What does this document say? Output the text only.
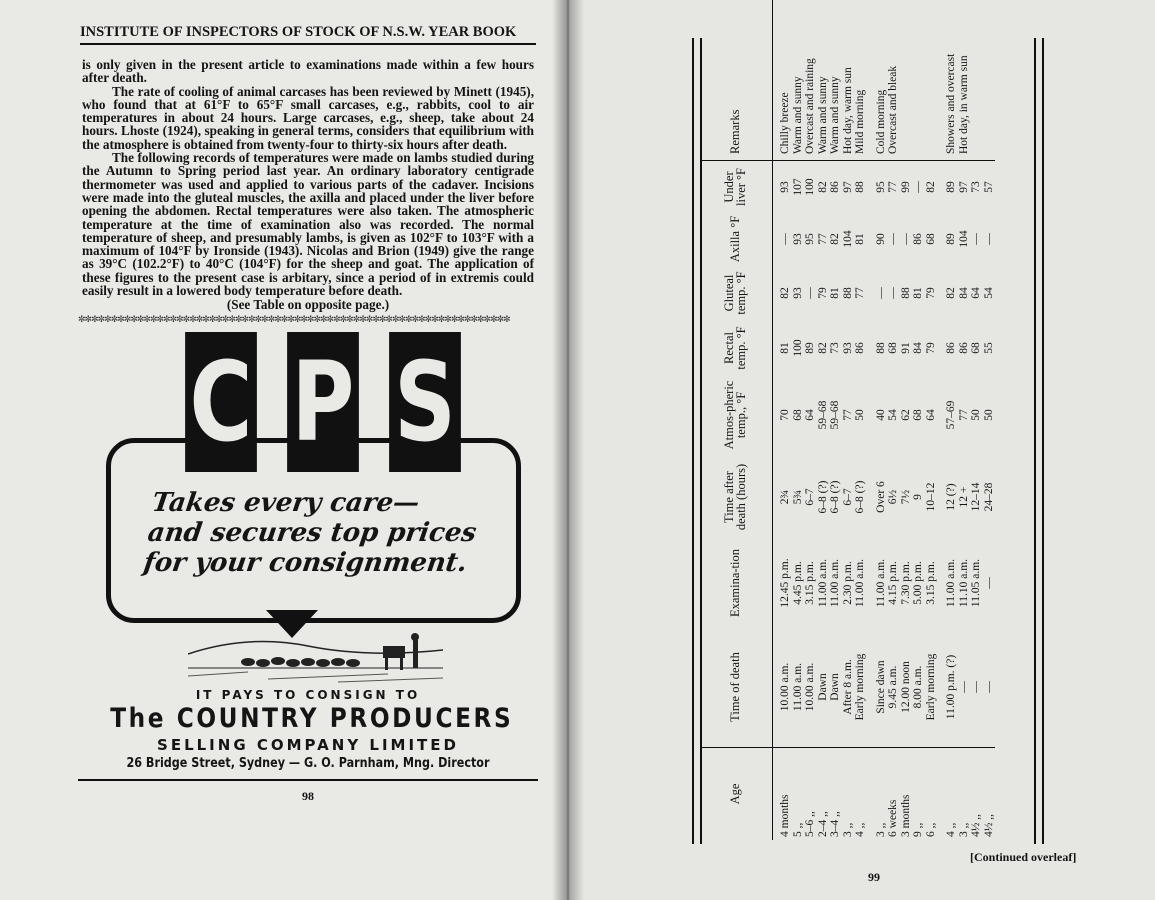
INSTITUTE OF INSPECTORS OF STOCK OF N.S.W. YEAR BOOK

is only given in the present article to examinations made within a few hours after death.

The rate of cooling of animal carcases has been reviewed by Minett (1945), who found that at 61°F to 65°F small carcases, e.g., rabbits, cool to air temperatures in about 24 hours. Large carcases, e.g., sheep, take about 24 hours. Lhoste (1924), speaking in general terms, considers that equilibrium with the atmosphere is obtained from twenty-four to thirty-six hours after death.

The following records of temperatures were made on lambs studied during the Autumn to Spring period last year. An ordinary laboratory centigrade thermometer was used and applied to various parts of the cadaver. Incisions were made into the gluteal muscles, the axilla and placed under the liver before opening the abdomen. Rectal temperatures were also taken. The atmospheric temperature at the time of examination also was recorded. The normal temperature of sheep, and presumably lambs, is given as 102°F to 103°F with a maximum of 104°F by Ironside (1943). Nicolas and Brion (1949) give the range as 39°C (102.2°F) to 40°C (104°F) for the sheep and goat. The application of these figures to the present case is arbitary, since a period of in extremis could easily result in a lowered body temperature before death.

(See Table on opposite page.)

✼✼✼✼✼✼✼✼✼✼✼✼✼✼✼✼✼✼✼✼✼✼✼✼✼✼✼✼✼✼✼✼✼✼✼✼✼✼✼✼✼✼✼✼✼✼✼✼✼✼✼✼✼✼✼✼✼✼✼✼✼✼✼✼✼✼
C P S
Takes every care—
and secures top prices
for your consignment.
IT PAYS TO CONSIGN TO
The COUNTRY PRODUCERS
SELLING COMPANY LIMITED
26 Bridge Street, Sydney — G. O. Parnham, Mng. Director
98	Age	Time of death	Examina-tion	Time after death (hours)	Atmos-pheric temp., °F	Rectal temp. °F	Gluteal temp. °F	Axilla °F	Under liver °F	Remarks
4 months	10.00 a.m.	12.45 p.m.	2¾	70	81	82	—	93	Chilly breeze
5 ,,	11.00 a.m.	4.45 p.m.	5¾	68	100	93	93	107	Warm and sunny
5–6 ,,	10.00 a.m.	3.15 p.m.	6–7	64	89	—	95	100	Overcast and raining
2–4 ,,	Dawn	11.00 a.m.	6–8 (?)	59–68	82	79	77	82	Warm and sunny
3–4 ,,	Dawn	11.00 a.m.	6–8 (?)	59–68	73	81	82	86	Warm and sunny
3 ,,	After 8 a.m.	2.30 p.m.	6–7	77	93	88	104	97	Hot day, warm sun
4 ,,	Early morning	11.00 a.m.	6–8 (?)	50	86	77	81	88	Mild morning

3 ,,	Since dawn	11.00 a.m.	Over 6	40	88	—	90	95	Cold morning
6 weeks	9.45 a.m.	4.15 p.m.	6½	54	68	—	—	77	Overcast and bleak
3 months	12.00 noon	7.30 p.m.	7½	62	91	88	—	99	
9 ,,	8.00 a.m.	5.00 p.m.	9	68	84	81	86	—	
6 ,,	Early morning	3.15 p.m.	10–12	64	79	79	68	82	

4 ,,	11.00 p.m. (?)	11.00 a.m.	12 (?)	57–69	86	82	89	89	Showers and overcast
3 ,,	—	11.10 a.m.	12 +	77	86	84	104	97	Hot day, in warm sun
4½ ,,	—	11.05 a.m.	12–14	50	68	64	—	73	
4½ ,,	—	—	24–28	50	55	54	—	57	
99
[Continued overleaf]
